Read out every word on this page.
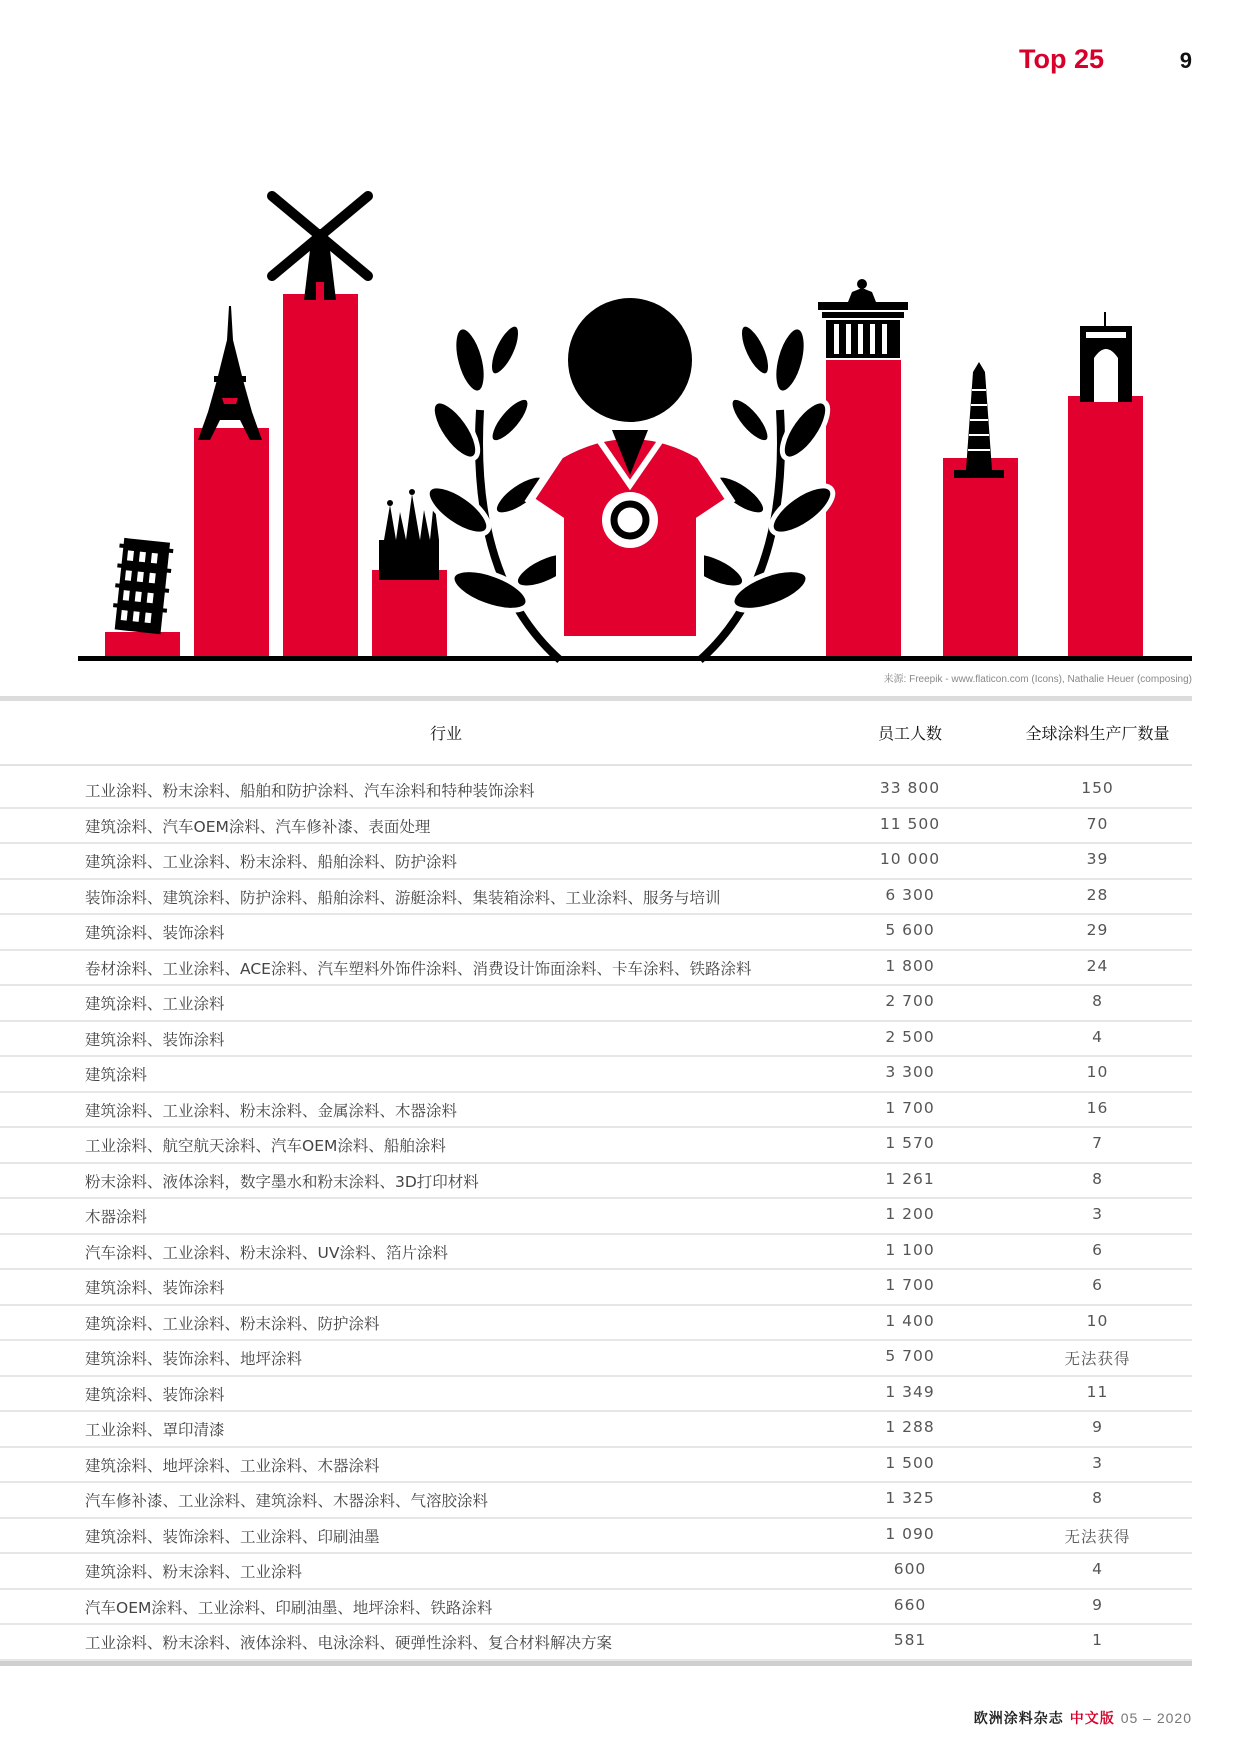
Top 25	9
来源: Freepik - www.flaticon.com (Icons), Nathalie Heuer (composing)
行业	员工人数	全球涂料生产厂数量
工业涂料、粉末涂料、船舶和防护涂料、汽车涂料和特种装饰涂料	33 800	150
建筑涂料、汽车OEM涂料、汽车修补漆、表面处理	11 500	70
建筑涂料、工业涂料、粉末涂料、船舶涂料、防护涂料	10 000	39
装饰涂料、建筑涂料、防护涂料、船舶涂料、游艇涂料、集装箱涂料、工业涂料、服务与培训	6 300	28
建筑涂料、装饰涂料	5 600	29
卷材涂料、工业涂料、ACE涂料、汽车塑料外饰件涂料、消费设计饰面涂料、卡车涂料、铁路涂料	1 800	24
建筑涂料、工业涂料	2 700	8
建筑涂料、装饰涂料	2 500	4
建筑涂料	3 300	10
建筑涂料、工业涂料、粉末涂料、金属涂料、木器涂料	1 700	16
工业涂料、航空航天涂料、汽车OEM涂料、船舶涂料	1 570	7
粉末涂料、液体涂料，数字墨水和粉末涂料、3D打印材料	1 261	8
木器涂料	1 200	3
汽车涂料、工业涂料、粉末涂料、UV涂料、箔片涂料	1 100	6
建筑涂料、装饰涂料	1 700	6
建筑涂料、工业涂料、粉末涂料、防护涂料	1 400	10
建筑涂料、装饰涂料、地坪涂料	5 700	无法获得
建筑涂料、装饰涂料	1 349	11
工业涂料、罩印清漆	1 288	9
建筑涂料、地坪涂料、工业涂料、木器涂料	1 500	3
汽车修补漆、工业涂料、建筑涂料、木器涂料、气溶胶涂料	1 325	8
建筑涂料、装饰涂料、工业涂料、印刷油墨	1 090	无法获得
建筑涂料、粉末涂料、工业涂料	600	4
汽车OEM涂料、工业涂料、印刷油墨、地坪涂料、铁路涂料	660	9
工业涂料、粉末涂料、液体涂料、电泳涂料、硬弹性涂料、复合材料解决方案	581	1
欧洲涂料杂志 中文版 05 – 2020
